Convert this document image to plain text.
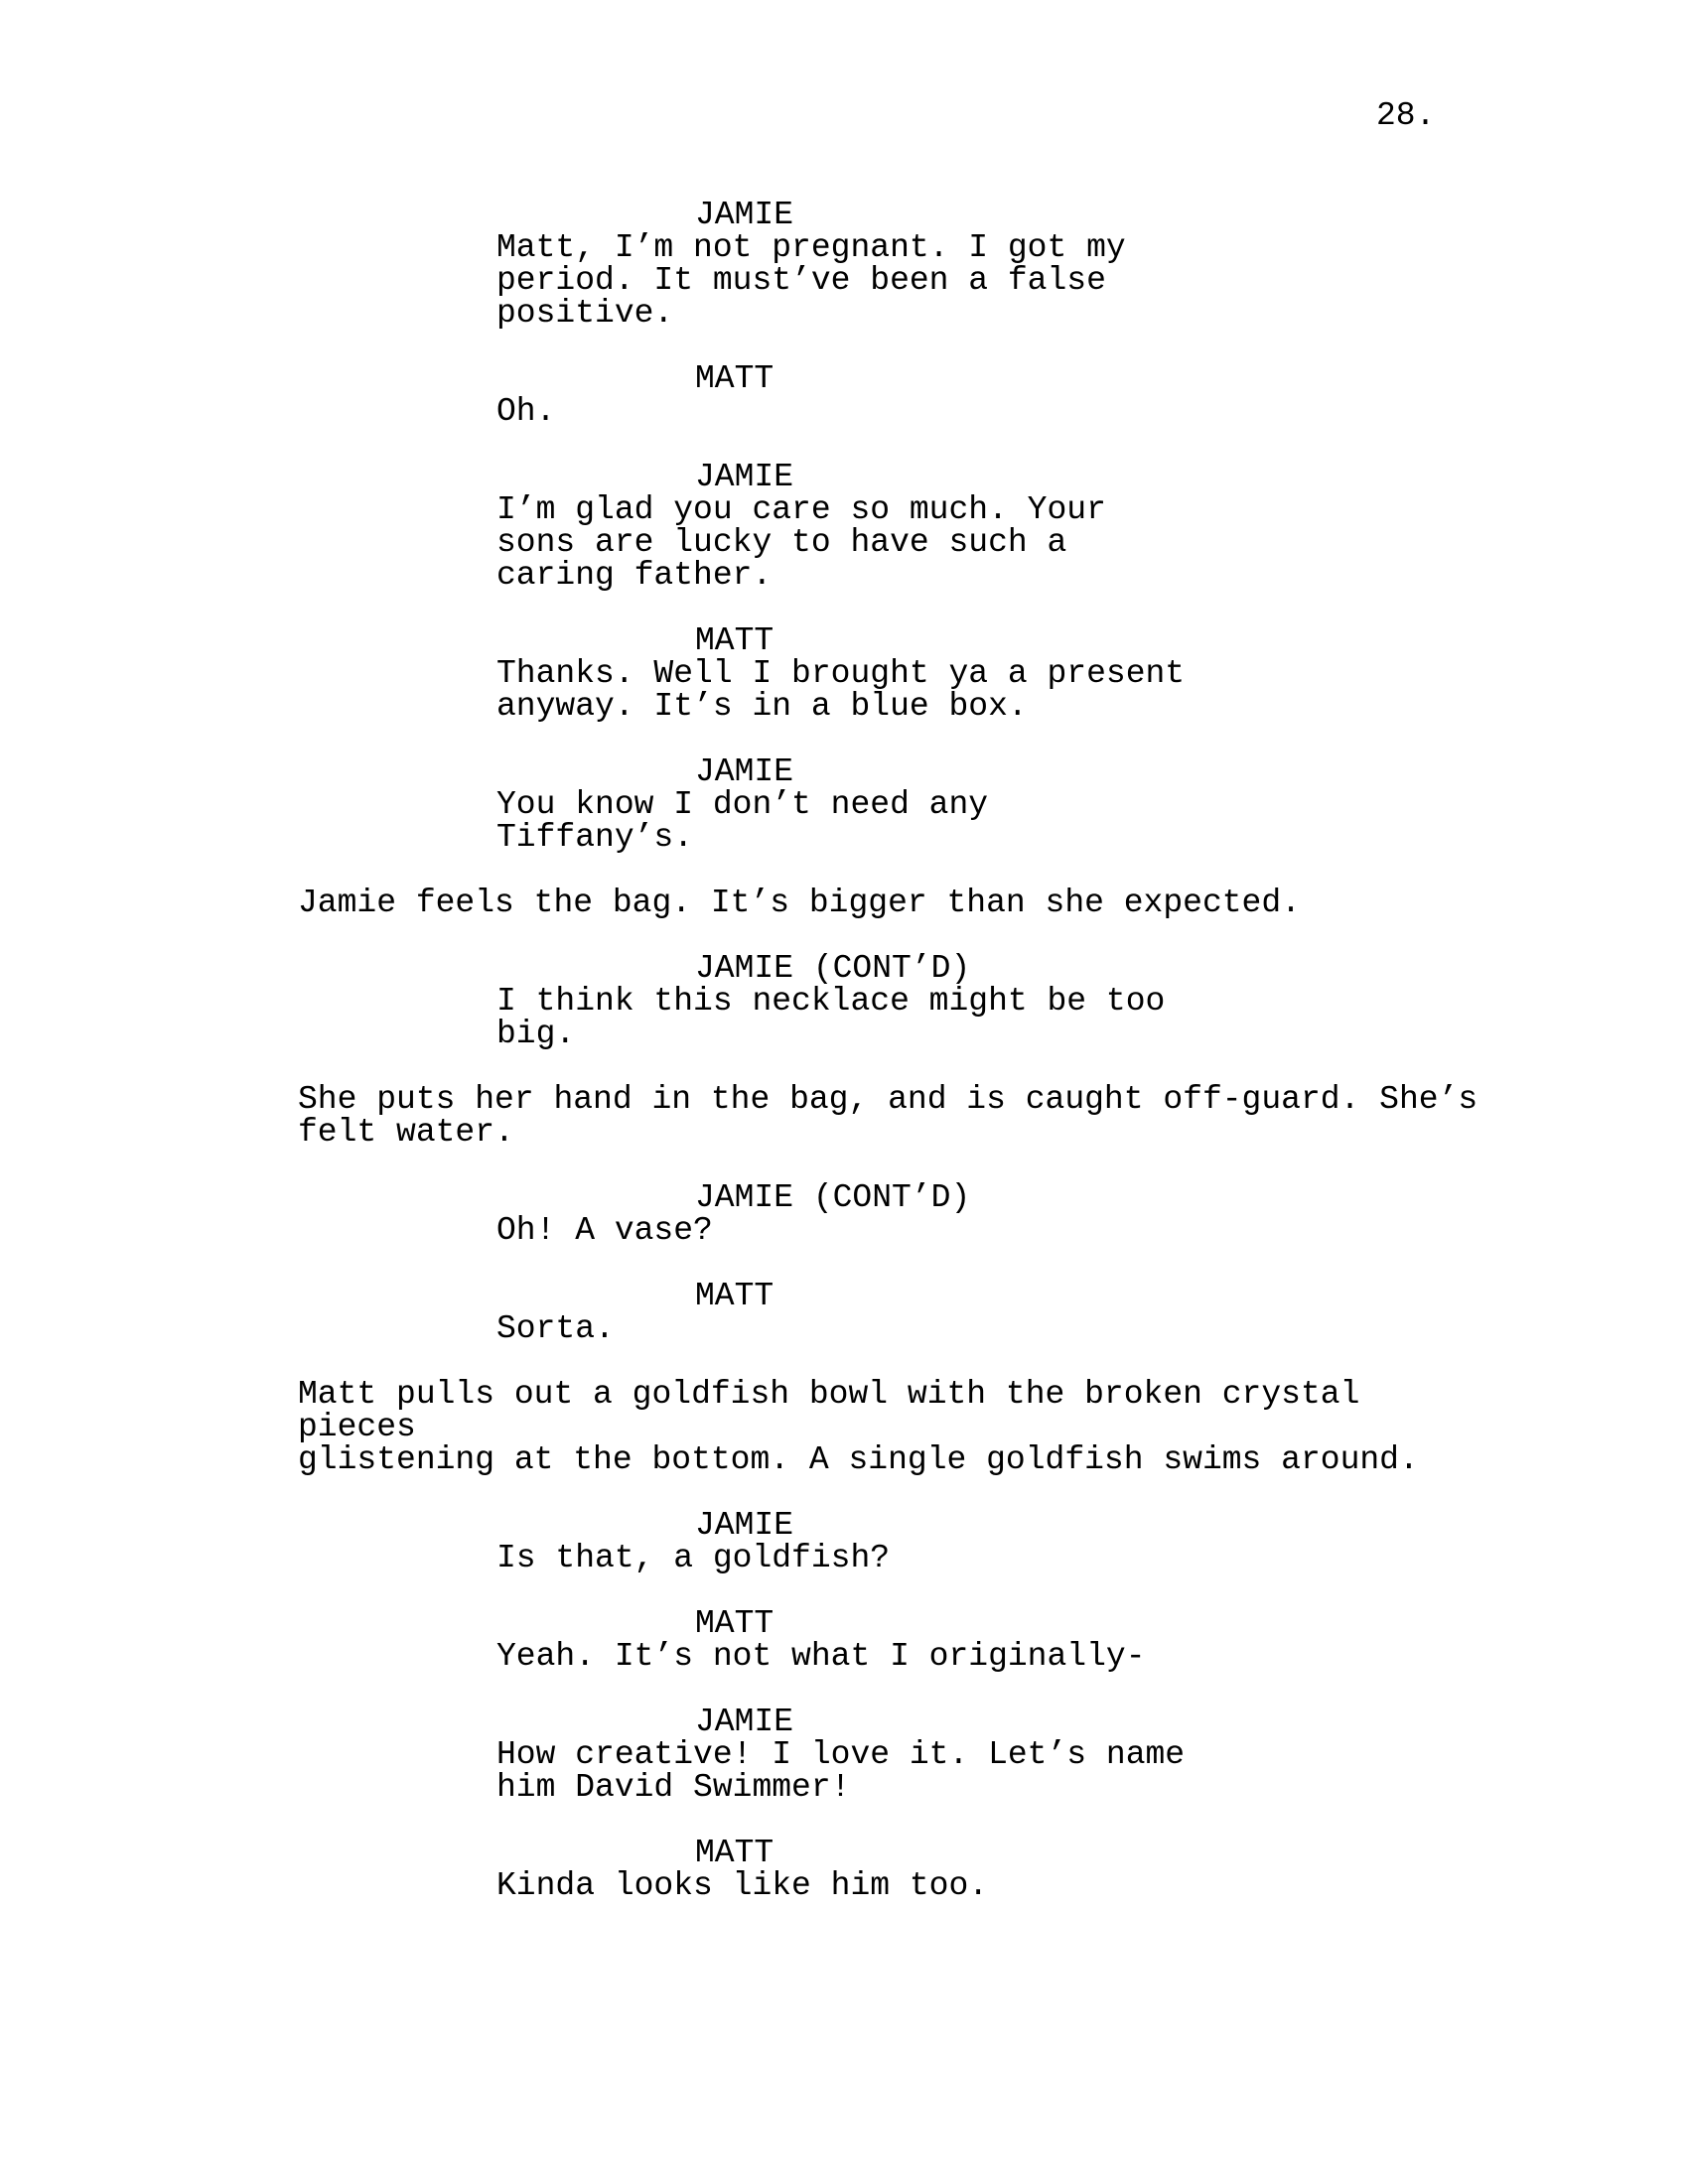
28.
JAMIE
Matt, I’m not pregnant. I got my
period. It must’ve been a false
positive.
MATT
Oh.
JAMIE
I’m glad you care so much. Your
sons are lucky to have such a
caring father.
MATT
Thanks. Well I brought ya a present
anyway. It’s in a blue box.
JAMIE
You know I don’t need any
Tiffany’s.
Jamie feels the bag. It’s bigger than she expected.
JAMIE (CONT’D)
I think this necklace might be too
big.
She puts her hand in the bag, and is caught off-guard. She’s
felt water.
JAMIE (CONT’D)
Oh! A vase?
MATT
Sorta.
Matt pulls out a goldfish bowl with the broken crystal pieces
glistening at the bottom. A single goldfish swims around.
JAMIE
Is that, a goldfish?
MATT
Yeah. It’s not what I originally-
JAMIE
How creative! I love it. Let’s name
him David Swimmer!
MATT
Kinda looks like him too.
